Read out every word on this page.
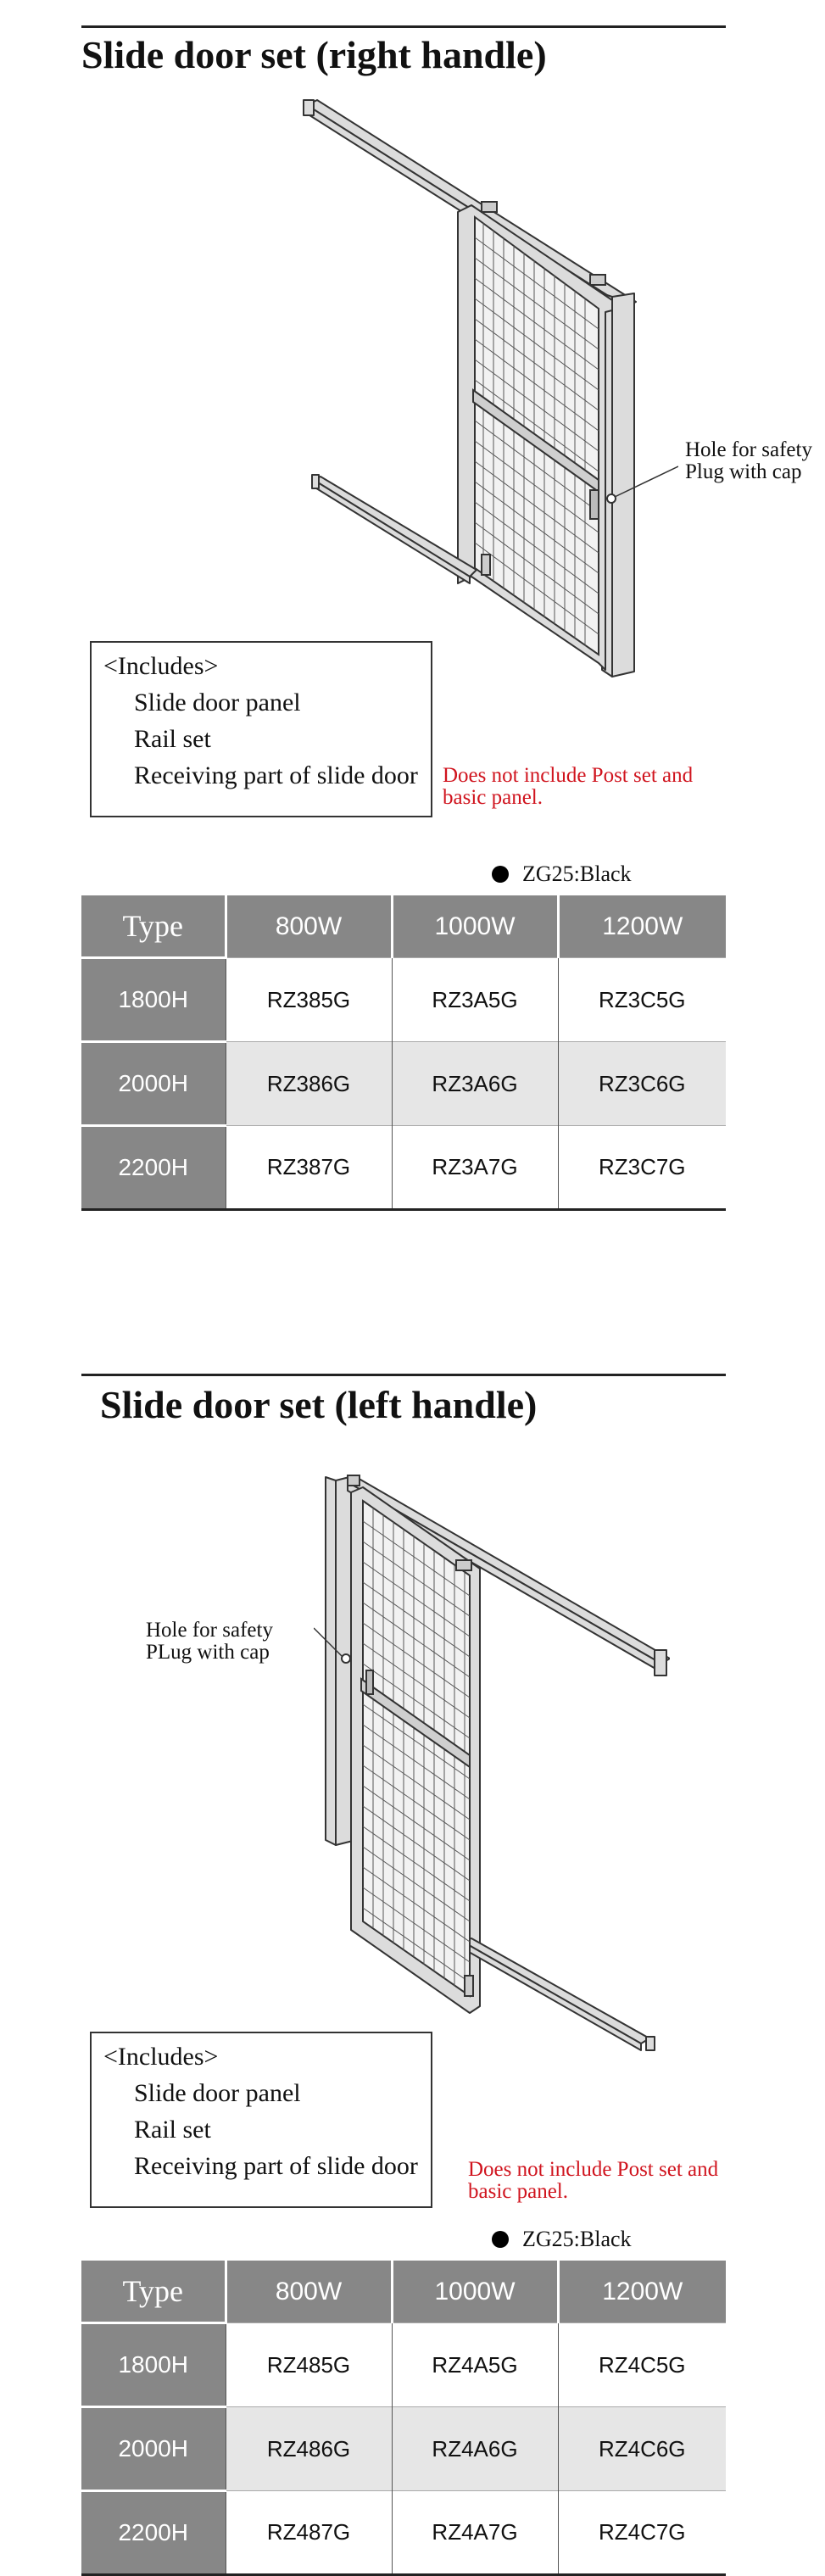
Slide door set (right handle)
Hole for safety
Plug with cap
<Includes>
Slide door panel
Rail set
Receiving part of slide door	Does not include Post set and
basic panel.
ZG25:Black
Type	800W	1000W	1200W
1800H	RZ385G	RZ3A5G	RZ3C5G
2000H	RZ386G	RZ3A6G	RZ3C6G
2200H	RZ387G	RZ3A7G	RZ3C7G
Slide door set (left handle)
Hole for safety
PLug with cap
<Includes>
Slide door panel
Rail set
Receiving part of slide door	Does not include Post set and
basic panel.
ZG25:Black
Type	800W	1000W	1200W
1800H	RZ485G	RZ4A5G	RZ4C5G
2000H	RZ486G	RZ4A6G	RZ4C6G
2200H	RZ487G	RZ4A7G	RZ4C7G
